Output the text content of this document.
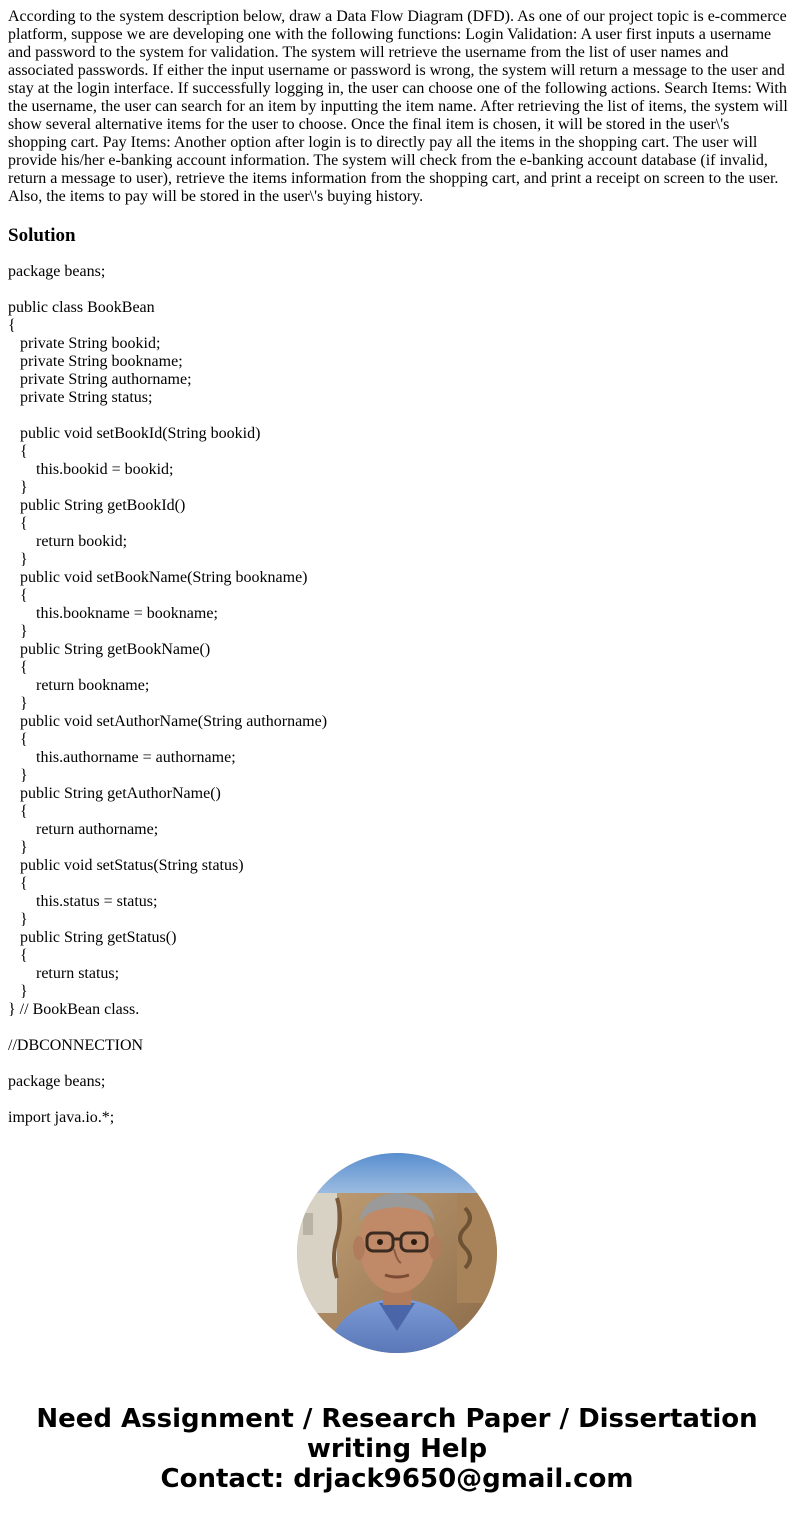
According to the system description below, draw a Data Flow Diagram (DFD). As one of our project topic is e-commerce platform, suppose we are developing one with the following functions: Login Validation: A user first inputs a username and password to the system for validation. The system will retrieve the username from the list of user names and associated passwords. If either the input username or password is wrong, the system will return a message to the user and stay at the login interface. If successfully logging in, the user can choose one of the following actions. Search Items: With the username, the user can search for an item by inputting the item name. After retrieving the list of items, the system will show several alternative items for the user to choose. Once the final item is chosen, it will be stored in the user\'s shopping cart. Pay Items: Another option after login is to directly pay all the items in the shopping cart. The user will provide his/her e-banking account information. The system will check from the e-banking account database (if invalid, return a message to user), retrieve the items information from the shopping cart, and print a receipt on screen to the user. Also, the items to pay will be stored in the user\'s buying history.

Solution
package beans;
public class BookBean
{
private String bookid;
private String bookname;
private String authorname;
private String status;
public void setBookId(String bookid)
{
this.bookid = bookid;
}
public String getBookId()
{
return bookid;
}
public void setBookName(String bookname)
{
this.bookname = bookname;
}
public String getBookName()
{
return bookname;
}
public void setAuthorName(String authorname)
{
this.authorname = authorname;
}
public String getAuthorName()
{
return authorname;
}
public void setStatus(String status)
{
this.status = status;
}
public String getStatus()
{
return status;
}
} // BookBean class.
//DBCONNECTION
package beans;
import java.io.*;
Need Assignment / Research Paper / Dissertation
writing Help
Contact: drjack9650@gmail.com
